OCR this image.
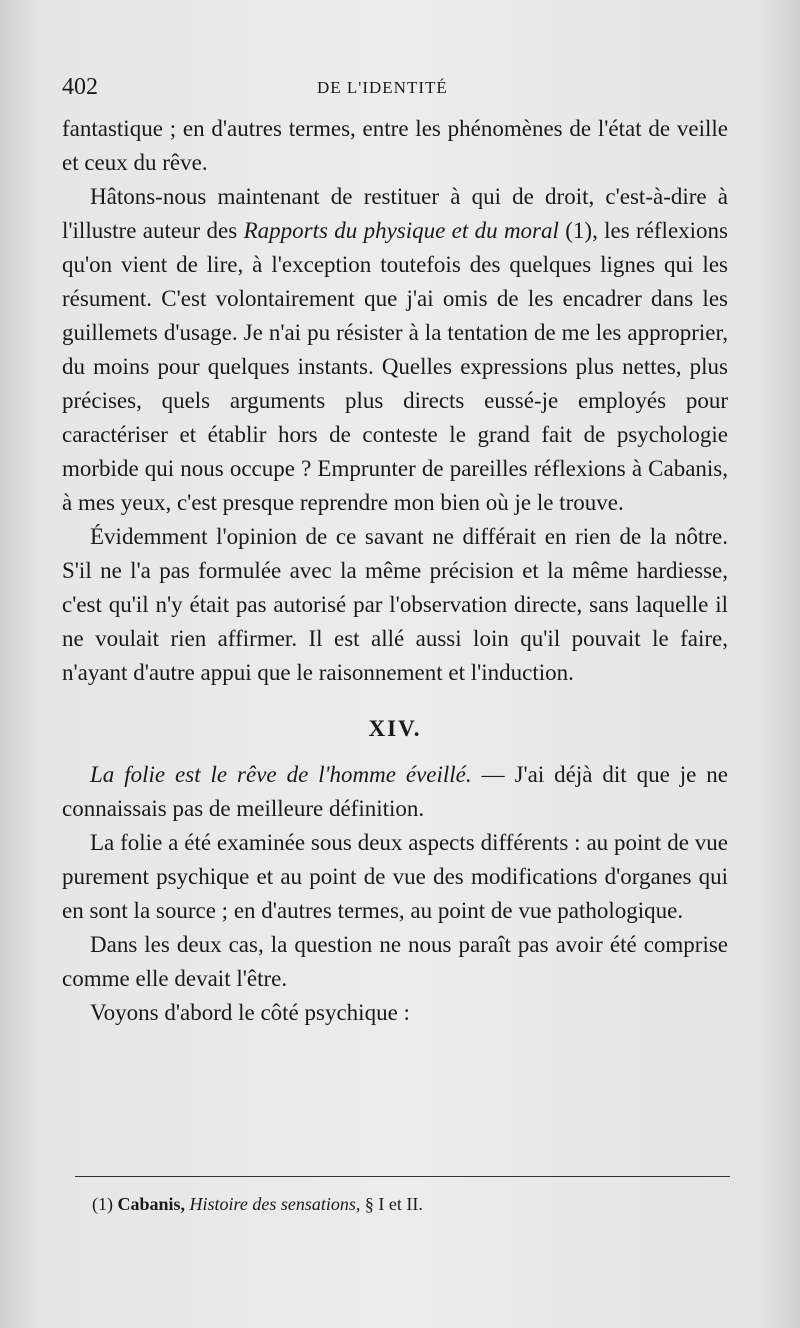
402	DE L'IDENTITÉ

fantastique ; en d'autres termes, entre les phénomènes de l'état de veille et ceux du rêve.

Hâtons-nous maintenant de restituer à qui de droit, c'est-à-dire à l'illustre auteur des Rapports du physique et du moral (1), les réflexions qu'on vient de lire, à l'exception toutefois des quelques lignes qui les résument. C'est volontairement que j'ai omis de les encadrer dans les guillemets d'usage. Je n'ai pu résister à la tentation de me les approprier, du moins pour quelques instants. Quelles expressions plus nettes, plus précises, quels arguments plus directs eussé-je employés pour caractériser et établir hors de conteste le grand fait de psychologie morbide qui nous occupe ? Emprunter de pareilles réflexions à Cabanis, à mes yeux, c'est presque reprendre mon bien où je le trouve.

Évidemment l'opinion de ce savant ne différait en rien de la nôtre. S'il ne l'a pas formulée avec la même précision et la même hardiesse, c'est qu'il n'y était pas autorisé par l'observation directe, sans laquelle il ne voulait rien affirmer. Il est allé aussi loin qu'il pouvait le faire, n'ayant d'autre appui que le raisonnement et l'induction.

XIV.

La folie est le rêve de l'homme éveillé. — J'ai déjà dit que je ne connaissais pas de meilleure définition.

La folie a été examinée sous deux aspects différents : au point de vue purement psychique et au point de vue des modifications d'organes qui en sont la source ; en d'autres termes, au point de vue pathologique.

Dans les deux cas, la question ne nous paraît pas avoir été comprise comme elle devait l'être.

Voyons d'abord le côté psychique :

(1) Cabanis, Histoire des sensations, § I et II.
